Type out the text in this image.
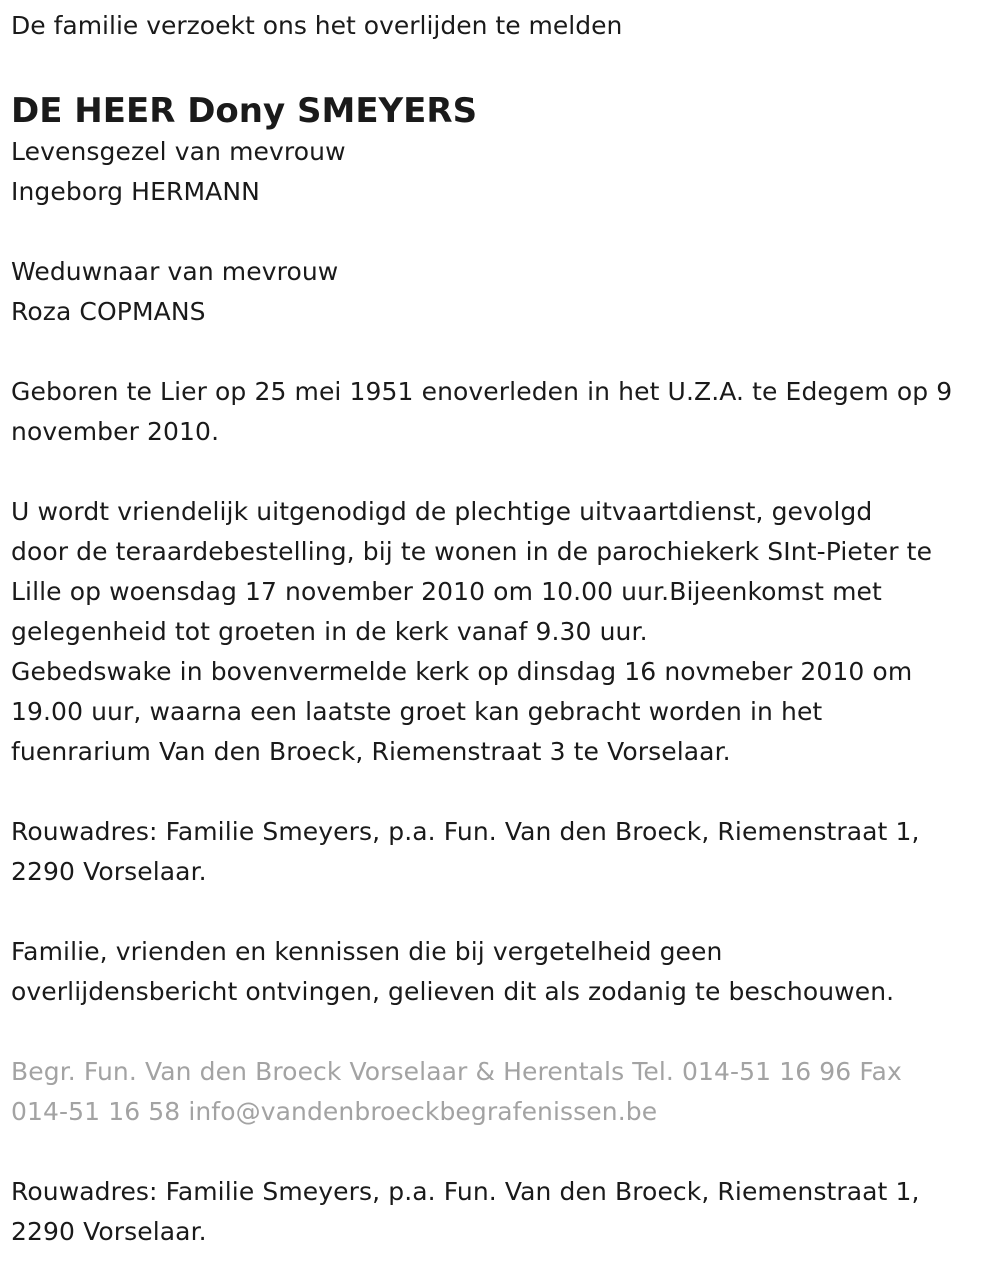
De familie verzoekt ons het overlijden te melden

DE HEER Dony SMEYERS

Levensgezel van mevrouw
Ingeborg HERMANN

Weduwnaar van mevrouw
Roza COPMANS

Geboren te Lier op 25 mei 1951 enoverleden in het U.Z.A. te Edegem op 9
november 2010.

U wordt vriendelijk uitgenodigd de plechtige uitvaartdienst, gevolgd
door de teraardebestelling, bij te wonen in de parochiekerk SInt-Pieter te
Lille op woensdag 17 november 2010 om 10.00 uur.Bijeenkomst met
gelegenheid tot groeten in de kerk vanaf 9.30 uur.
Gebedswake in bovenvermelde kerk op dinsdag 16 novmeber 2010 om
19.00 uur, waarna een laatste groet kan gebracht worden in het
fuenrarium Van den Broeck, Riemenstraat 3 te Vorselaar.

Rouwadres: Familie Smeyers, p.a. Fun. Van den Broeck, Riemenstraat 1,
2290 Vorselaar.

Familie, vrienden en kennissen die bij vergetelheid geen
overlijdensbericht ontvingen, gelieven dit als zodanig te beschouwen.

Begr. Fun. Van den Broeck Vorselaar & Herentals Tel. 014-51 16 96 Fax
014-51 16 58 info@vandenbroeckbegrafenissen.be

Rouwadres: Familie Smeyers, p.a. Fun. Van den Broeck, Riemenstraat 1,
2290 Vorselaar.
